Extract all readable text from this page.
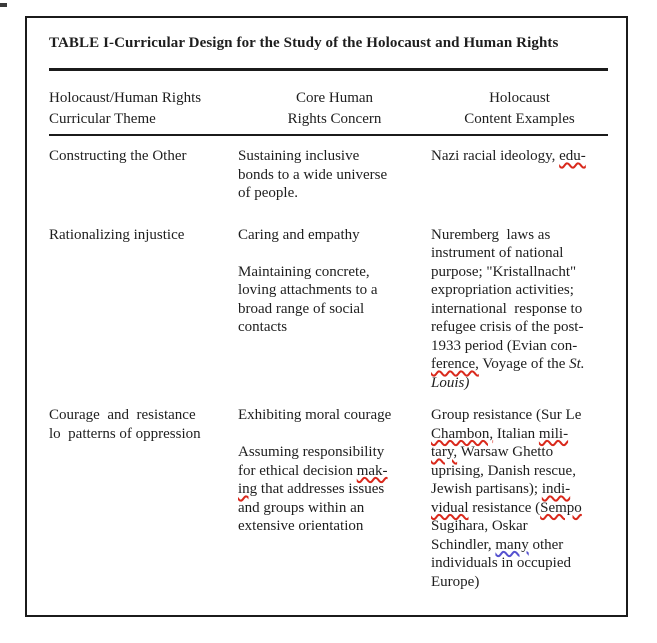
TABLE I-Curricular Design for the Study of the Holocaust and Human Rights
Holocaust/Human Rights
Curricular Theme
Core Human
Rights Concern
Holocaust
Content Examples
Constructing the Other	Sustaining inclusive
bonds to a wide universe
of people.
Nazi racial ideology, edu-
Rationalizing injustice	Caring and empathy

Maintaining concrete,
loving attachments to a
broad range of social
contacts
Nuremberg  laws as
instrument of national
purpose; "Kristallnacht"
expropriation activities;
international  response to
refugee crisis of the post-
1933 period (Evian con-
ference, Voyage of the St.
Louis)
Courage  and  resistance
lo  patterns of oppression
Exhibiting moral courage

Assuming responsibility
for ethical decision mak-
ing that addresses issues
and groups within an
extensive orientation
Group resistance (Sur Le
Chambon, Italian mili-
tary, Warsaw Ghetto
uprising, Danish rescue,
Jewish partisans); indi-
vidual resistance (Sempo
Sugihara, Oskar
Schindler, many other
individuals in occupied
Europe)
